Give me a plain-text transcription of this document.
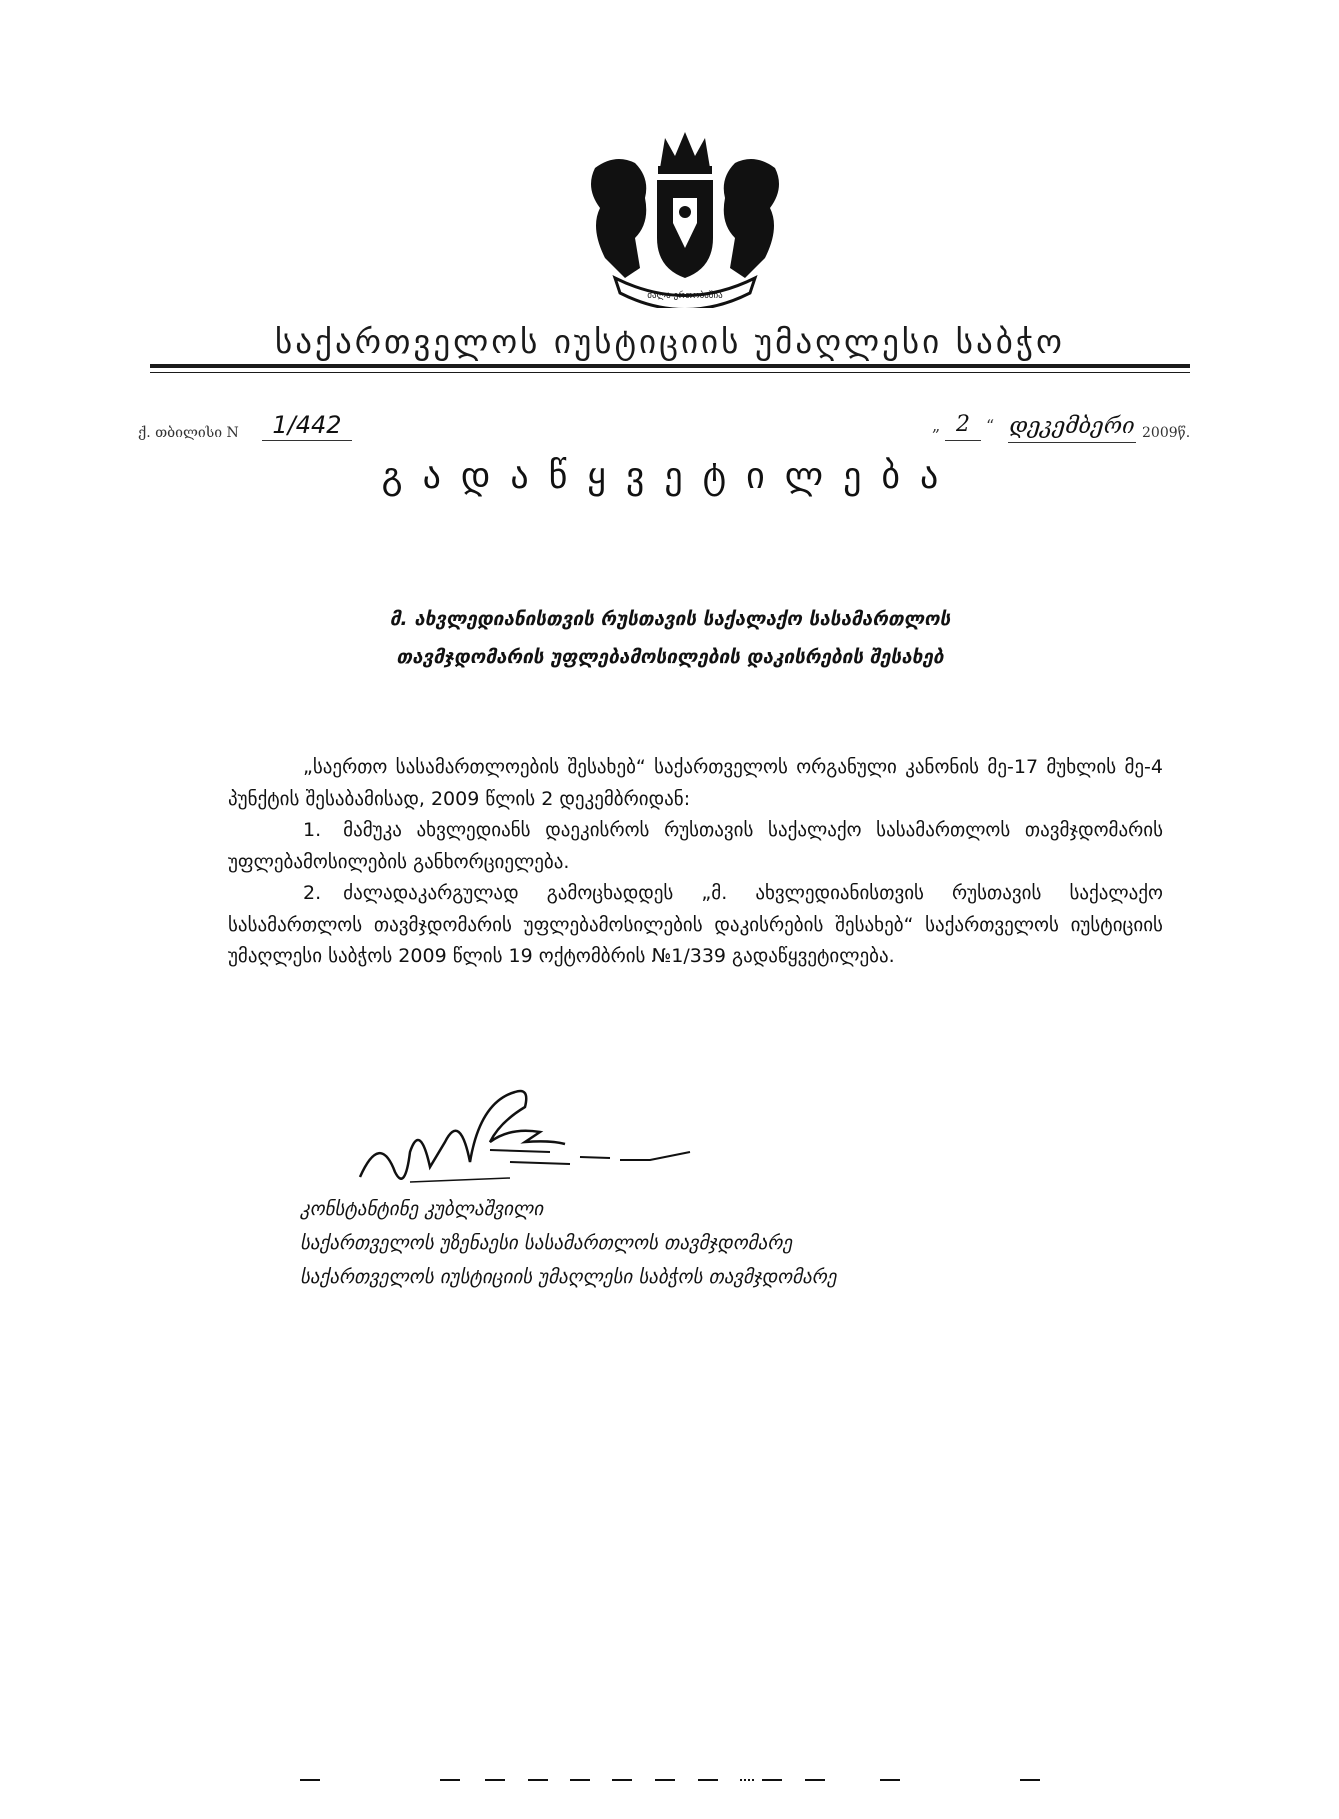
ძალა ერთობაშია
საქართველოს იუსტიციის უმაღლესი საბჭო
ქ. თბილისი N	1/442	„ 2	“ დეკემბერი 2009წ.
გადაწყვეტილება
მ. ახვლედიანისთვის რუსთავის საქალაქო სასამართლოს
თავმჯდომარის უფლებამოსილების დაკისრების შესახებ

„საერთო სასამართლოების შესახებ“ საქართველოს ორგანული კანონის მე-17 მუხლის მე-4 პუნქტის შესაბამისად, 2009 წლის 2 დეკემბრიდან:

1. მამუკა ახვლედიანს დაეკისროს რუსთავის საქალაქო სასამართლოს თავმჯდომარის უფლებამოსილების განხორციელება.

2. ძალადაკარგულად გამოცხადდეს „მ. ახვლედიანისთვის რუსთავის საქალაქო სასამართლოს თავმჯდომარის უფლებამოსილების დაკისრების შესახებ“ საქართველოს იუსტიციის უმაღლესი საბჭოს 2009 წლის 19 ოქტომბრის №1/339 გადაწყვეტილება.

კონსტანტინე კუბლაშვილი
საქართველოს უზენაესი სასამართლოს თავმჯდომარე
საქართველოს იუსტიციის უმაღლესი საბჭოს თავმჯდომარე
